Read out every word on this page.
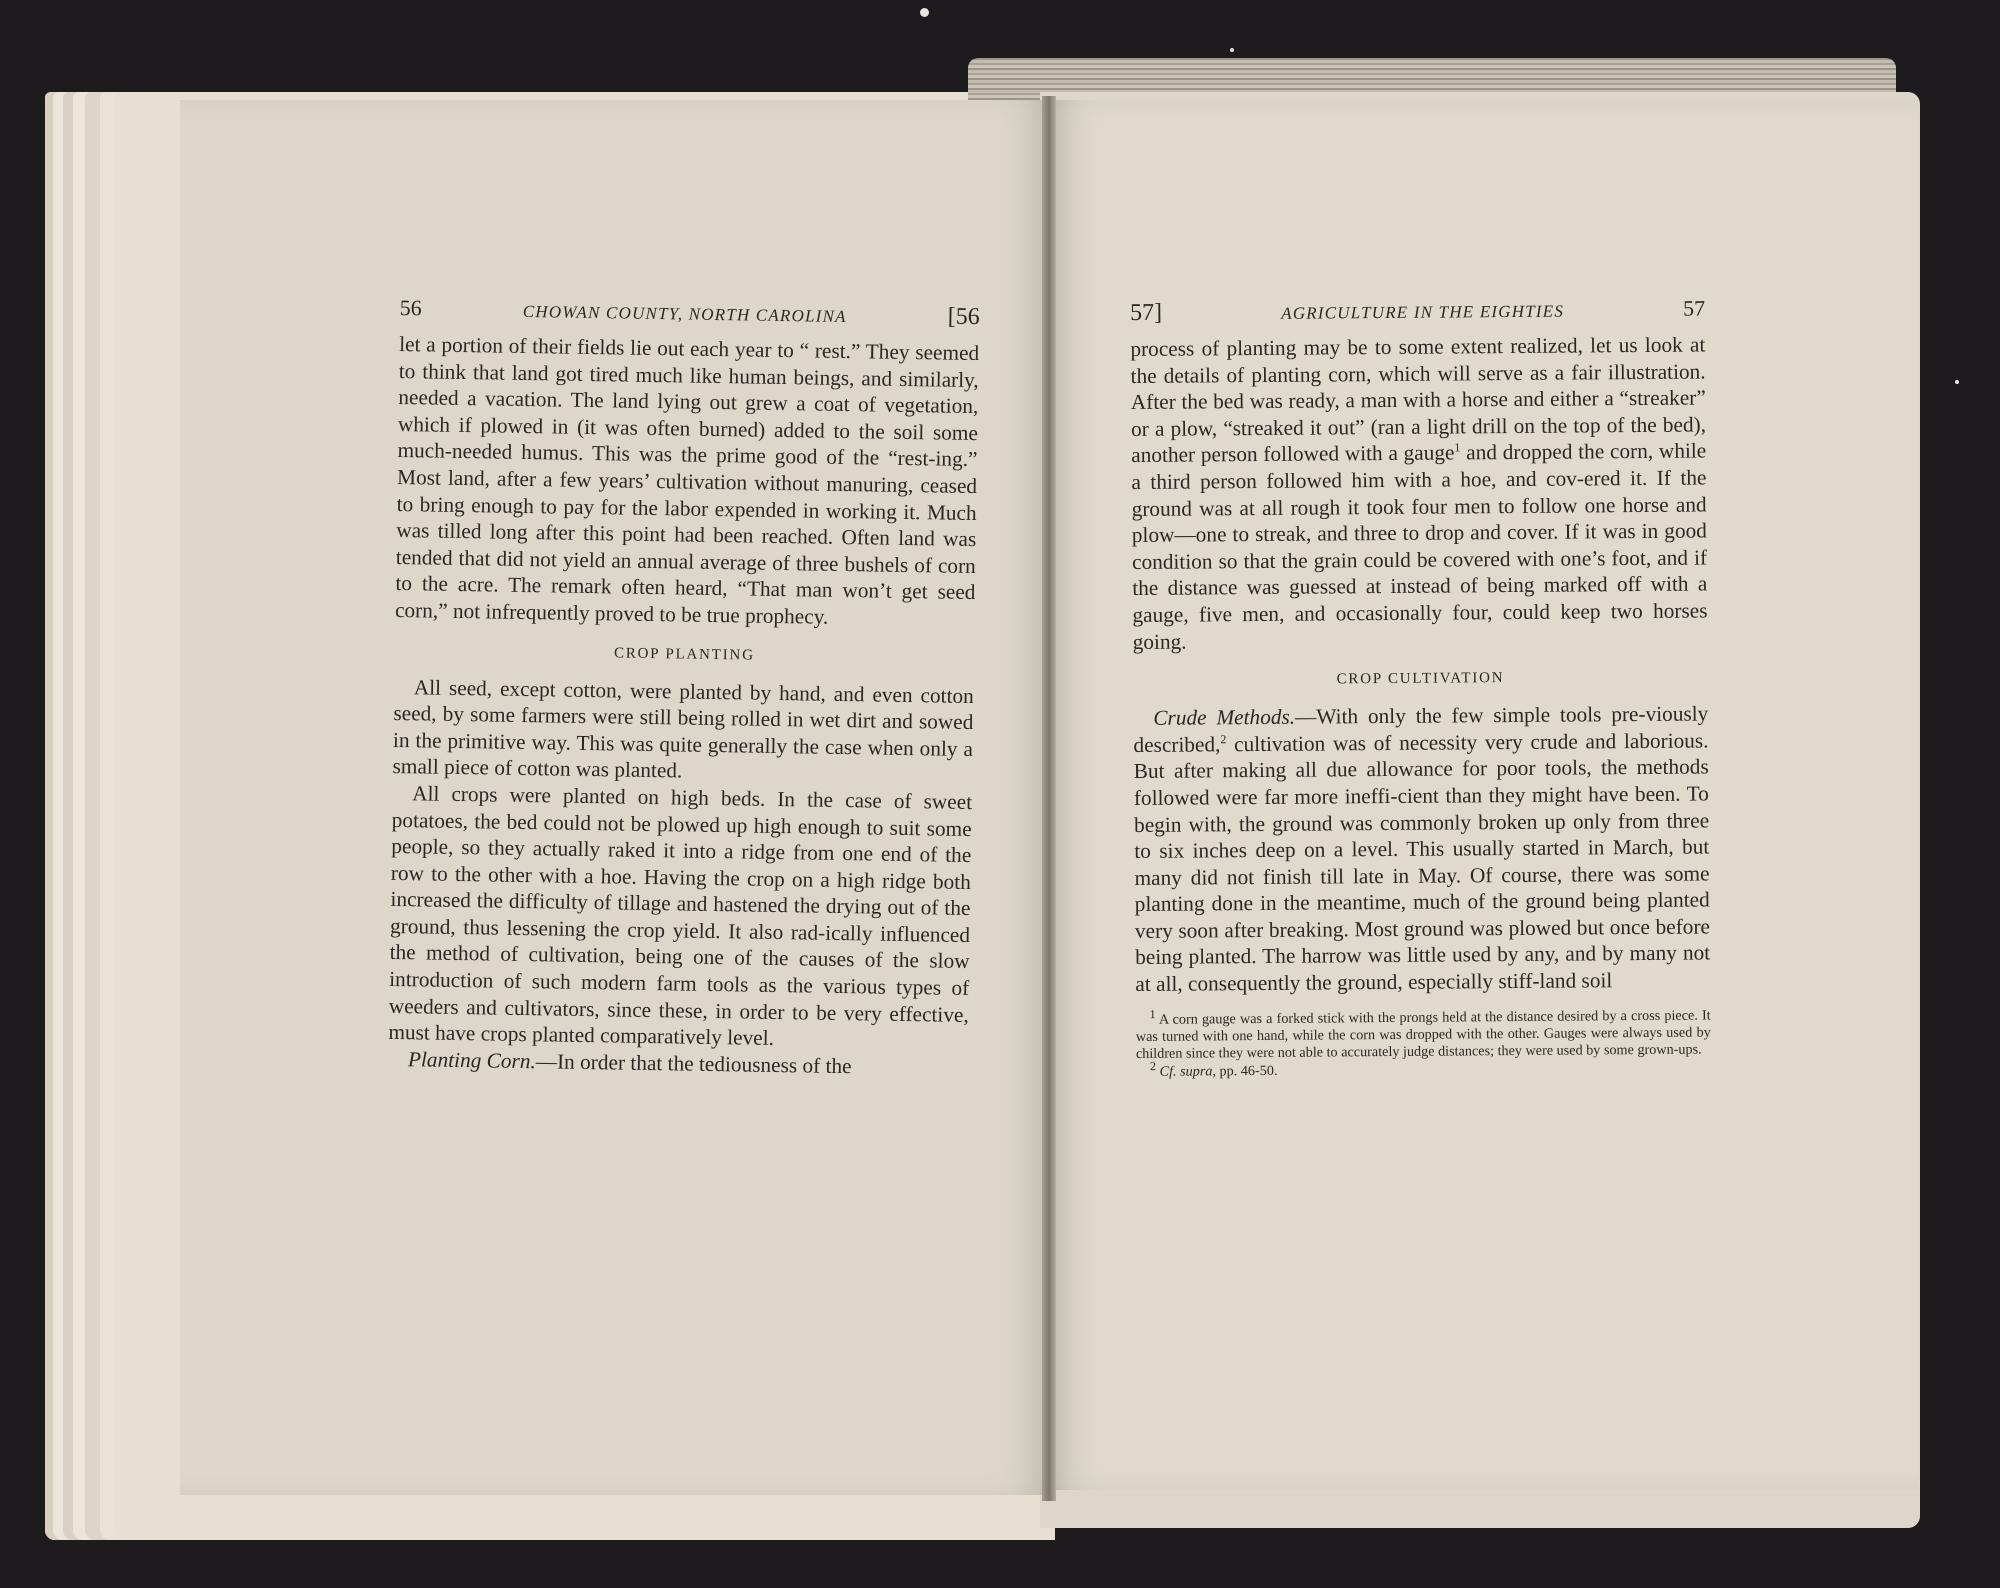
56	CHOWAN COUNTY, NORTH CAROLINA	[56

let a portion of their fields lie out each year to “ rest.” They seemed to think that land got tired much like human beings, and similarly, needed a vacation. The land lying out grew a coat of vegetation, which if plowed in (it was often burned) added to the soil some much-needed humus. This was the prime good of the “rest-ing.” Most land, after a few years’ cultivation without manuring, ceased to bring enough to pay for the labor expended in working it. Much was tilled long after this point had been reached. Often land was tended that did not yield an annual average of three bushels of corn to the acre. The remark often heard, “That man won’t get seed corn,” not infrequently proved to be true prophecy.

CROP PLANTING

All seed, except cotton, were planted by hand, and even cotton seed, by some farmers were still being rolled in wet dirt and sowed in the primitive way. This was quite generally the case when only a small piece of cotton was planted.

All crops were planted on high beds. In the case of sweet potatoes, the bed could not be plowed up high enough to suit some people, so they actually raked it into a ridge from one end of the row to the other with a hoe. Having the crop on a high ridge both increased the difficulty of tillage and hastened the drying out of the ground, thus lessening the crop yield. It also rad-ically influenced the method of cultivation, being one of the causes of the slow introduction of such modern farm tools as the various types of weeders and cultivators, since these, in order to be very effective, must have crops planted comparatively level.

Planting Corn.—In order that the tediousness of the

57]	AGRICULTURE IN THE EIGHTIES	57

process of planting may be to some extent realized, let us look at the details of planting corn, which will serve as a fair illustration. After the bed was ready, a man with a horse and either a “streaker” or a plow, “streaked it out” (ran a light drill on the top of the bed), another person followed with a gauge$^1$ and dropped the corn, while a third person followed him with a hoe, and cov-ered it. If the ground was at all rough it took four men to follow one horse and plow—one to streak, and three to drop and cover. If it was in good condition so that the grain could be covered with one’s foot, and if the distance was guessed at instead of being marked off with a gauge, five men, and occasionally four, could keep two horses going.

CROP CULTIVATION

Crude Methods.—With only the few simple tools pre-viously described,$^2$ cultivation was of necessity very crude and laborious. But after making all due allowance for poor tools, the methods followed were far more ineffi-cient than they might have been. To begin with, the ground was commonly broken up only from three to six inches deep on a level. This usually started in March, but many did not finish till late in May. Of course, there was some planting done in the meantime, much of the ground being planted very soon after breaking. Most ground was plowed but once before being planted. The harrow was little used by any, and by many not at all, consequently the ground, especially stiff-land soil

$^1$ A corn gauge was a forked stick with the prongs held at the distance desired by a cross piece. It was turned with one hand, while the corn was dropped with the other. Gauges were always used by children since they were not able to accurately judge distances; they were used by some grown-ups.

$^2$ Cf. supra, pp. 46-50.
